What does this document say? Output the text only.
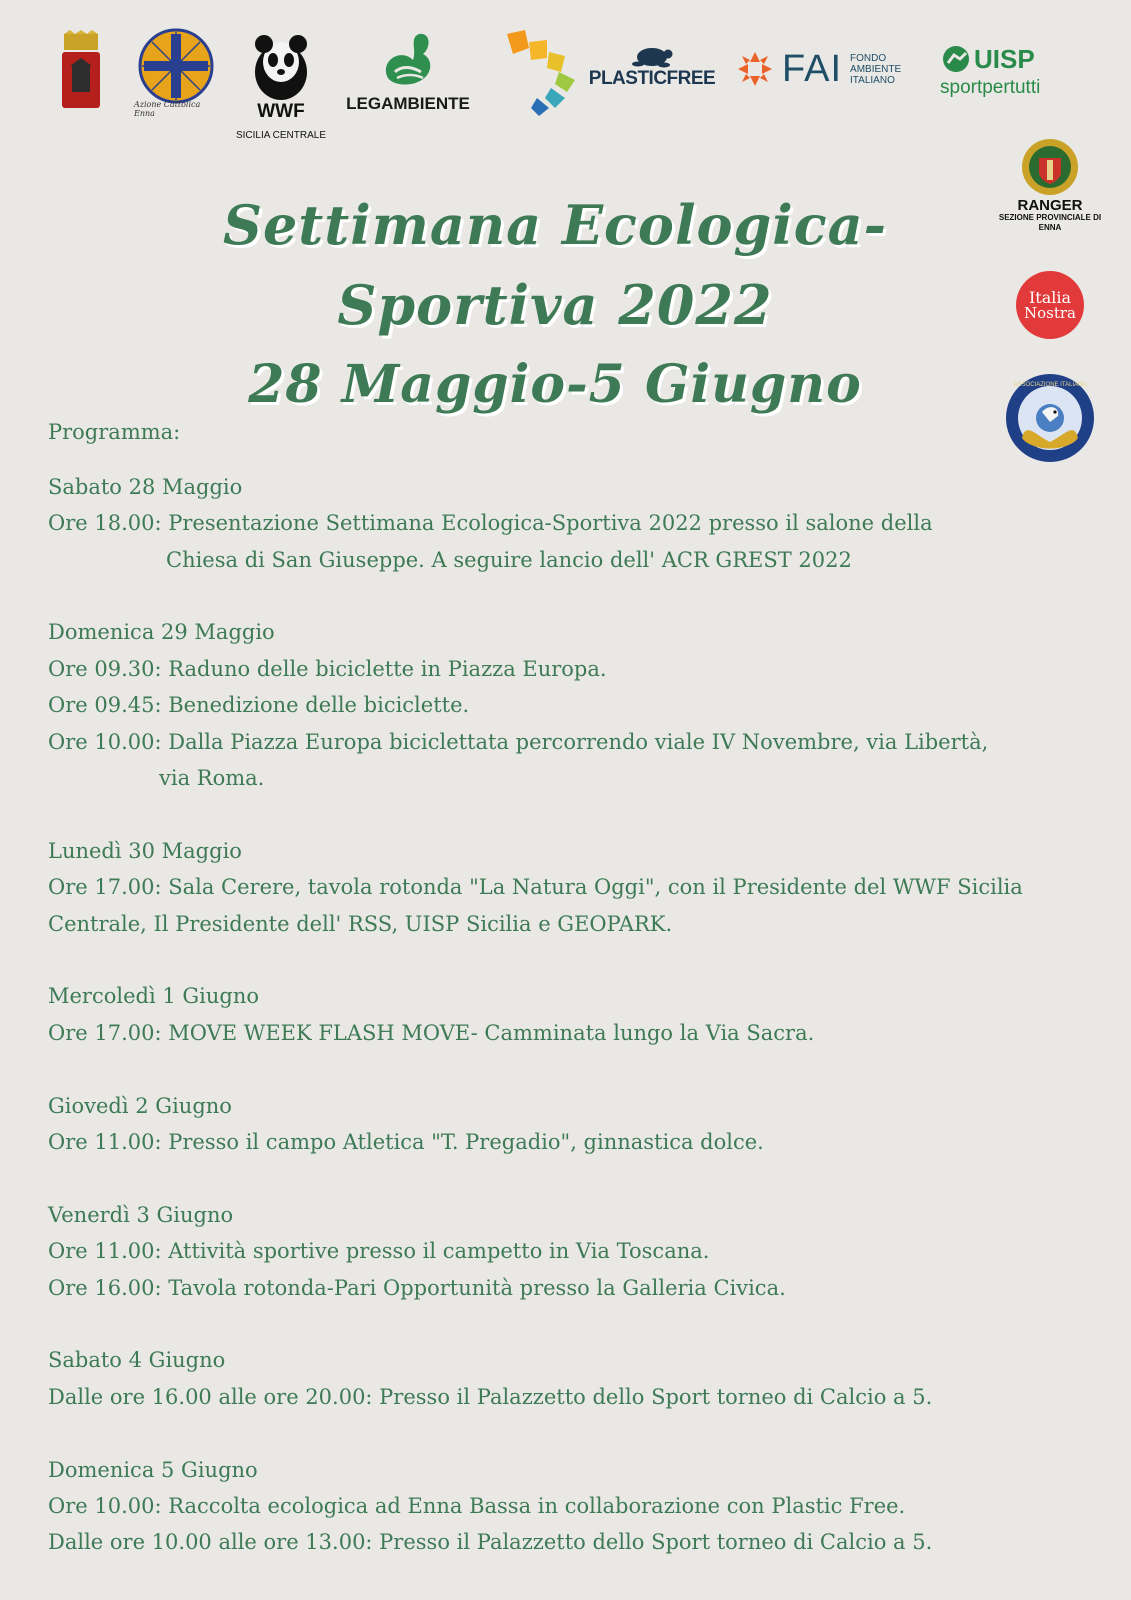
Azione Cattolica Enna	WWF
SICILIA CENTRALE
LEGAMBIENTE
PLASTICFREE FAI FONDO
AMBIENTE
ITALIANO
UISP
sportpertutti
RANGER
SEZIONE PROVINCIALE DI
ENNA
Italia
Nostra
ASSOCIAZIONE ITALIANA
Settimana Ecologica-Sportiva 2022
28 Maggio-5 Giugno
Programma:
Sabato 28 Maggio
Ore 18.00: Presentazione Settimana Ecologica-Sportiva 2022 presso il salone della
Chiesa di San Giuseppe. A seguire lancio dell' ACR GREST 2022
Domenica 29 Maggio
Ore 09.30: Raduno delle biciclette in Piazza Europa.
Ore 09.45: Benedizione delle biciclette.
Ore 10.00: Dalla Piazza Europa biciclettata percorrendo viale IV Novembre, via Libertà,
via Roma.
Lunedì 30 Maggio
Ore 17.00: Sala Cerere, tavola rotonda "La Natura Oggi", con il Presidente del WWF Sicilia
Centrale, Il Presidente dell' RSS, UISP Sicilia e GEOPARK.
Mercoledì 1 Giugno
Ore 17.00: MOVE WEEK FLASH MOVE- Camminata lungo la Via Sacra.
Giovedì 2 Giugno
Ore 11.00: Presso il campo Atletica "T. Pregadio", ginnastica dolce.
Venerdì 3 Giugno
Ore 11.00: Attività sportive presso il campetto in Via Toscana.
Ore 16.00: Tavola rotonda-Pari Opportunità presso la Galleria Civica.
Sabato 4 Giugno
Dalle ore 16.00 alle ore 20.00: Presso il Palazzetto dello Sport torneo di Calcio a 5.
Domenica 5 Giugno
Ore 10.00: Raccolta ecologica ad Enna Bassa in collaborazione con Plastic Free.
Dalle ore 10.00 alle ore 13.00: Presso il Palazzetto dello Sport torneo di Calcio a 5.
